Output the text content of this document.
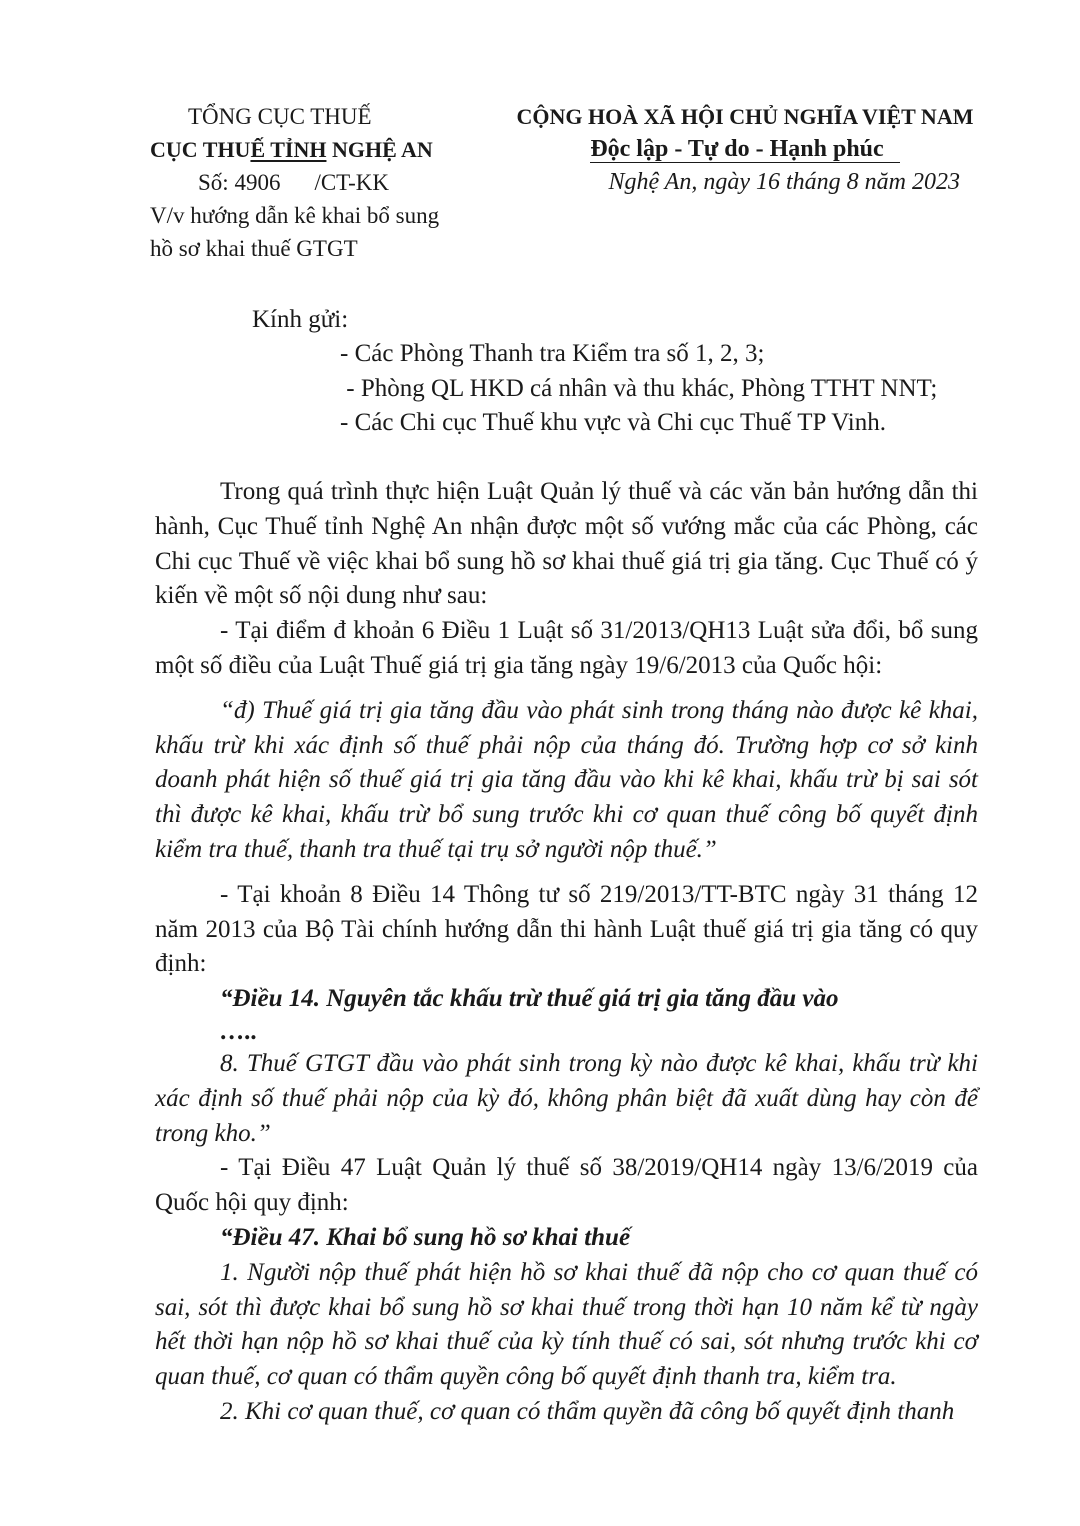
TỔNG CỤC THUẾ
CỤC THUẾ TỈNH NGHỆ AN
Số: 4906 /CT-KK
V/v hướng dẫn kê khai bổ sung
hồ sơ khai thuế GTGT
CỘNG HOÀ XÃ HỘI CHỦ NGHĨA VIỆT NAM
Độc lập - Tự do - Hạnh phúc
Nghệ An, ngày 16 tháng 8 năm 2023
Kính gửi:
- Các Phòng Thanh tra Kiểm tra số 1, 2, 3;
- Phòng QL HKD cá nhân và thu khác, Phòng TTHT NNT;
- Các Chi cục Thuế khu vực và Chi cục Thuế TP Vinh.

Trong quá trình thực hiện Luật Quản lý thuế và các văn bản hướng dẫn thi hành, Cục Thuế tỉnh Nghệ An nhận được một số vướng mắc của các Phòng, các Chi cục Thuế về việc khai bổ sung hồ sơ khai thuế giá trị gia tăng. Cục Thuế có ý kiến về một số nội dung như sau:

- Tại điểm đ khoản 6 Điều 1 Luật số 31/2013/QH13 Luật sửa đổi, bổ sung một số điều của Luật Thuế giá trị gia tăng ngày 19/6/2013 của Quốc hội:

“đ) Thuế giá trị gia tăng đầu vào phát sinh trong tháng nào được kê khai, khấu trừ khi xác định số thuế phải nộp của tháng đó. Trường hợp cơ sở kinh doanh phát hiện số thuế giá trị gia tăng đầu vào khi kê khai, khấu trừ bị sai sót thì được kê khai, khấu trừ bổ sung trước khi cơ quan thuế công bố quyết định kiểm tra thuế, thanh tra thuế tại trụ sở người nộp thuế.”

- Tại khoản 8 Điều 14 Thông tư số 219/2013/TT-BTC ngày 31 tháng 12 năm 2013 của Bộ Tài chính hướng dẫn thi hành Luật thuế giá trị gia tăng có quy định:

“Điều 14. Nguyên tắc khấu trừ thuế giá trị gia tăng đầu vào

…..

8. Thuế GTGT đầu vào phát sinh trong kỳ nào được kê khai, khấu trừ khi xác định số thuế phải nộp của kỳ đó, không phân biệt đã xuất dùng hay còn để trong kho.”

- Tại Điều 47 Luật Quản lý thuế số 38/2019/QH14 ngày 13/6/2019 của Quốc hội quy định:

“Điều 47. Khai bổ sung hồ sơ khai thuế

1. Người nộp thuế phát hiện hồ sơ khai thuế đã nộp cho cơ quan thuế có sai, sót thì được khai bổ sung hồ sơ khai thuế trong thời hạn 10 năm kể từ ngày hết thời hạn nộp hồ sơ khai thuế của kỳ tính thuế có sai, sót nhưng trước khi cơ quan thuế, cơ quan có thẩm quyền công bố quyết định thanh tra, kiểm tra.

2. Khi cơ quan thuế, cơ quan có thẩm quyền đã công bố quyết định thanh
